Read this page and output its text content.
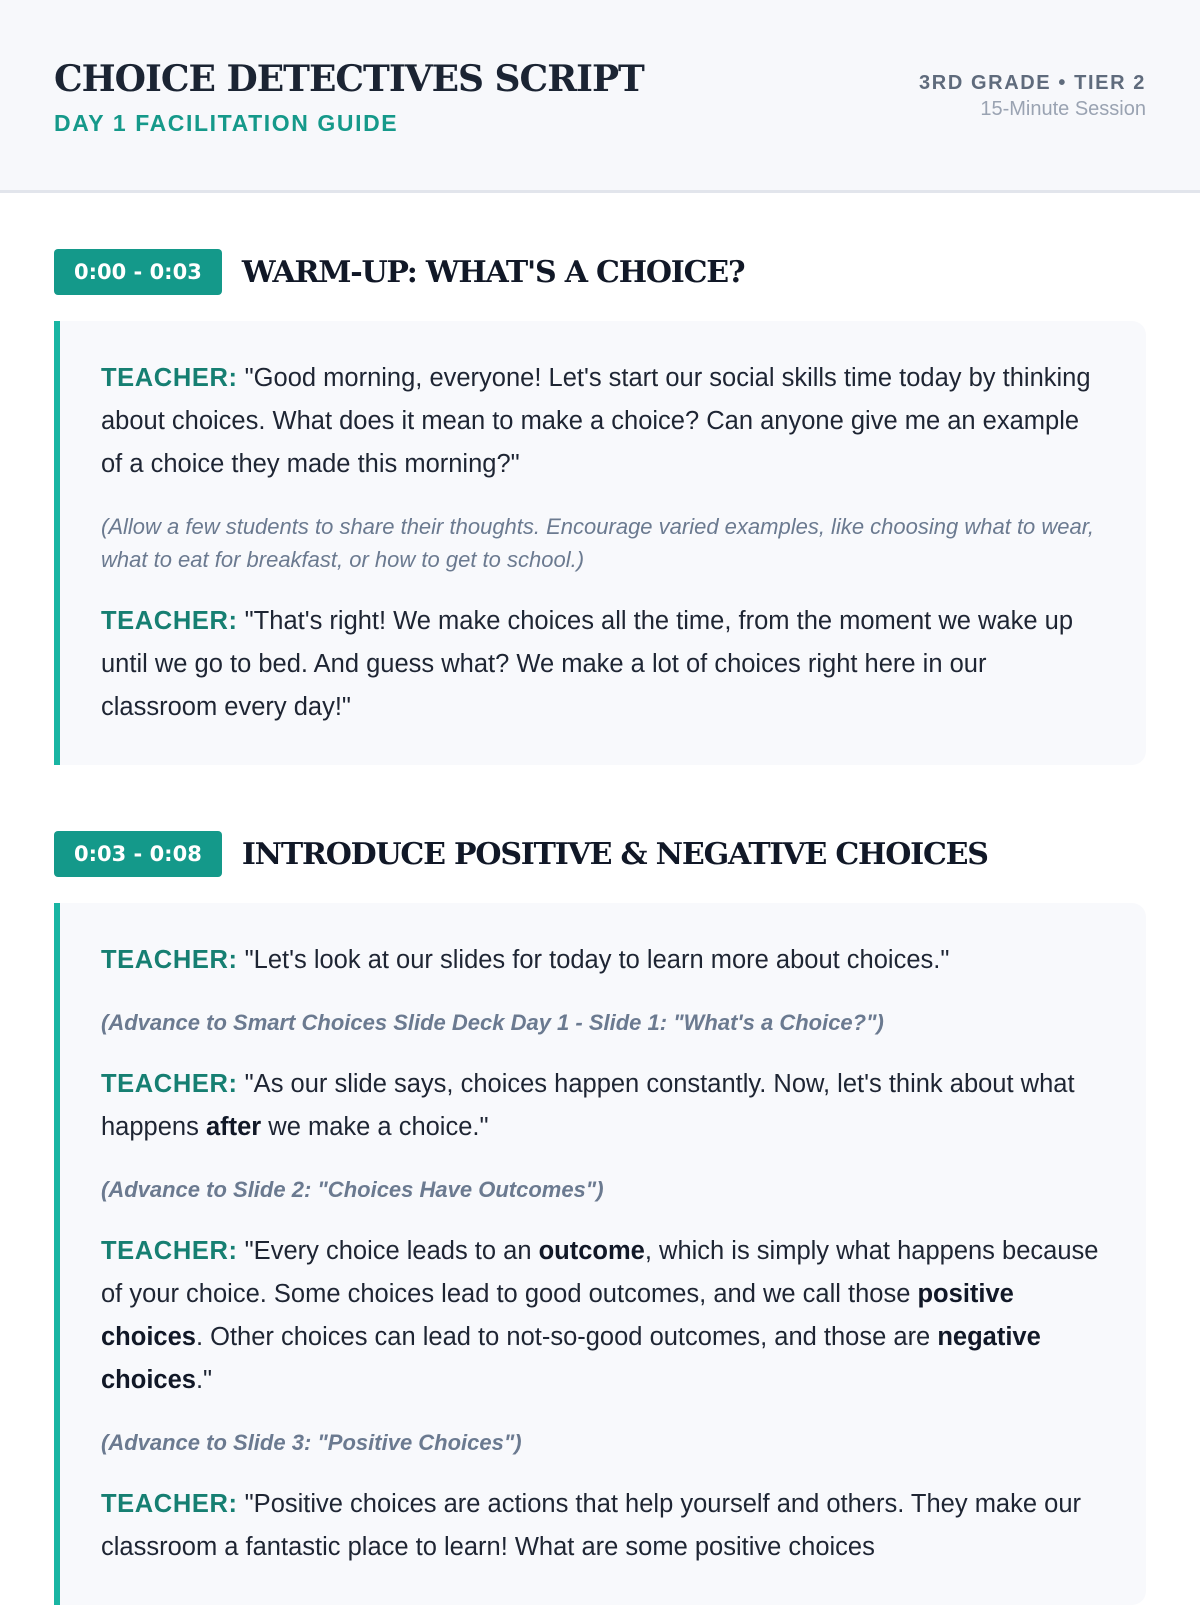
CHOICE DETECTIVES SCRIPT
DAY 1 FACILITATION GUIDE
3RD GRADE • TIER 2
15-Minute Session
0:00 - 0:03	WARM-UP: WHAT'S A CHOICE?

TEACHER: "Good morning, everyone! Let's start our social skills time today by thinking about choices. What does it mean to make a choice? Can anyone give me an example of a choice they made this morning?"

(Allow a few students to share their thoughts. Encourage varied examples, like choosing what to wear, what to eat for breakfast, or how to get to school.)

TEACHER: "That's right! We make choices all the time, from the moment we wake up until we go to bed. And guess what? We make a lot of choices right here in our classroom every day!"

0:03 - 0:08	INTRODUCE POSITIVE & NEGATIVE CHOICES

TEACHER: "Let's look at our slides for today to learn more about choices."

(Advance to Smart Choices Slide Deck Day 1 - Slide 1: "What's a Choice?")

TEACHER: "As our slide says, choices happen constantly. Now, let's think about what happens after we make a choice."

(Advance to Slide 2: "Choices Have Outcomes")

TEACHER: "Every choice leads to an outcome, which is simply what happens because of your choice. Some choices lead to good outcomes, and we call those positive choices. Other choices can lead to not-so-good outcomes, and those are negative choices."

(Advance to Slide 3: "Positive Choices")

TEACHER: "Positive choices are actions that help yourself and others. They make our classroom a fantastic place to learn! What are some positive choices
